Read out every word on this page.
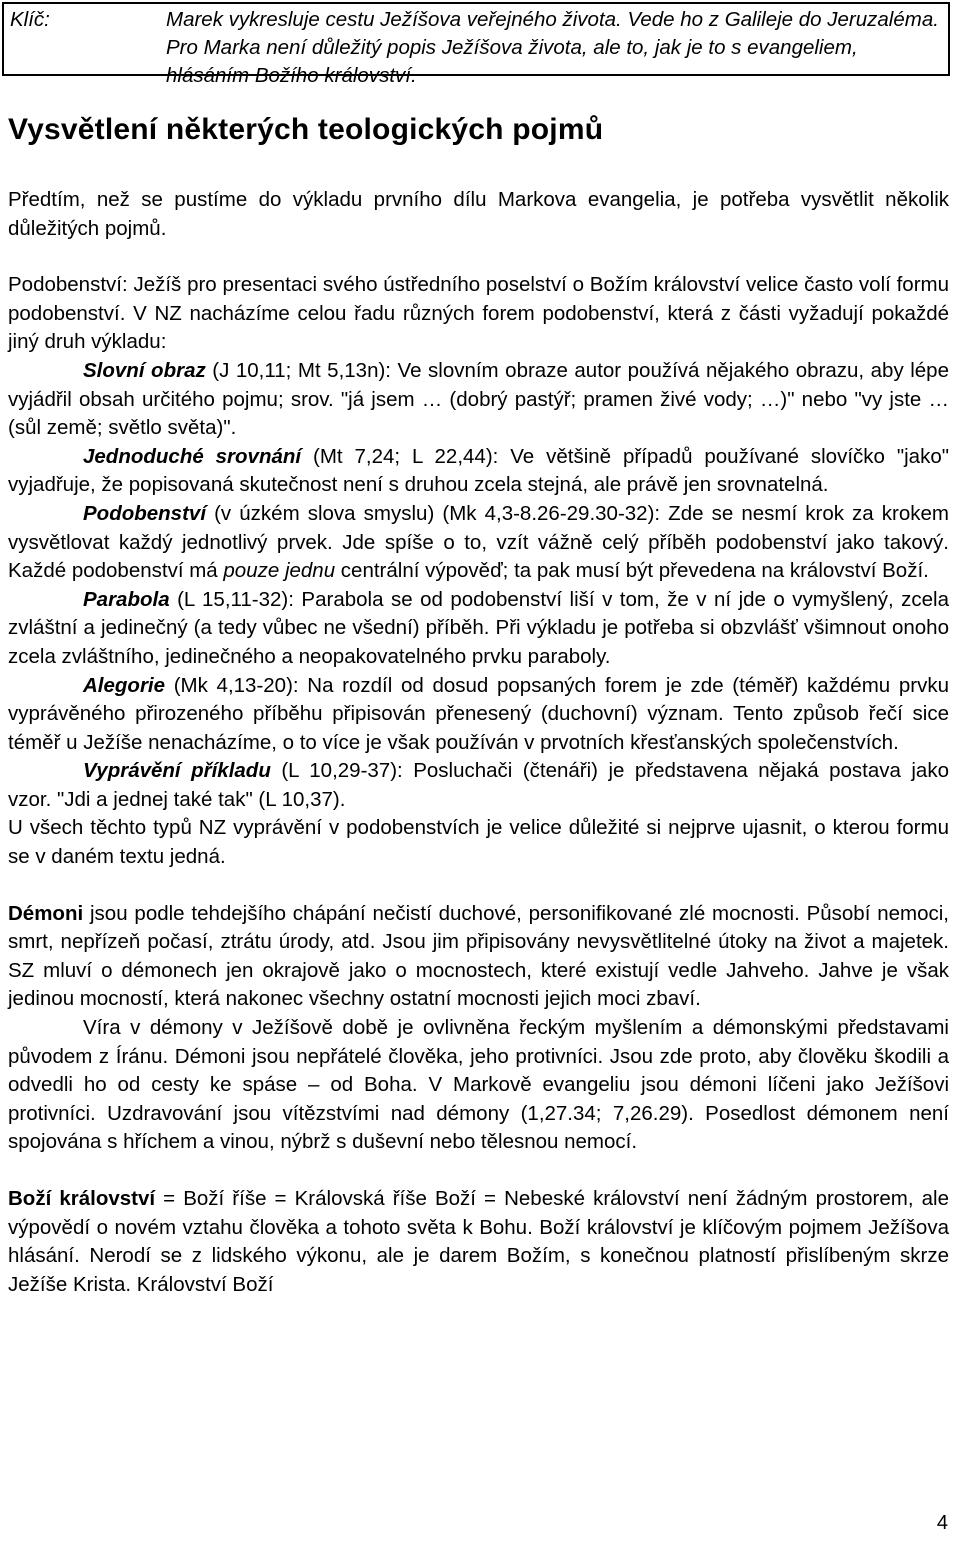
Klíč:	Marek vykresluje cestu Ježíšova veřejného života. Vede ho z Galileje do Jeruzaléma. Pro Marka není důležitý popis Ježíšova života, ale to, jak je to s evangeliem, hlásáním Božího království.
Vysvětlení některých teologických pojmů

Předtím, než se pustíme do výkladu prvního dílu Markova evangelia, je potřeba vysvětlit několik důležitých pojmů.

Podobenství: Ježíš pro presentaci svého ústředního poselství o Božím království velice často volí formu podobenství. V NZ nacházíme celou řadu různých forem podobenství, která z části vyžadují pokaždé jiný druh výkladu:

Slovní obraz (J 10,11; Mt 5,13n): Ve slovním obraze autor používá nějakého obrazu, aby lépe vyjádřil obsah určitého pojmu; srov. "já jsem … (dobrý pastýř; pramen živé vody; …)" nebo "vy jste … (sůl země; světlo světa)".

Jednoduché srovnání (Mt 7,24; L 22,44): Ve většině případů používané slovíčko "jako" vyjadřuje, že popisovaná skutečnost není s druhou zcela stejná, ale právě jen srovnatelná.

Podobenství (v úzkém slova smyslu) (Mk 4,3-8.26-29.30-32): Zde se nesmí krok za krokem vysvětlovat každý jednotlivý prvek. Jde spíše o to, vzít vážně celý příběh podobenství jako takový. Každé podobenství má pouze jednu centrální výpověď; ta pak musí být převedena na království Boží.

Parabola (L 15,11-32): Parabola se od podobenství liší v tom, že v ní jde o vymyšlený, zcela zvláštní a jedinečný (a tedy vůbec ne všední) příběh. Při výkladu je potřeba si obzvlášť všimnout onoho zcela zvláštního, jedinečného a neopakovatelného prvku paraboly.

Alegorie (Mk 4,13-20): Na rozdíl od dosud popsaných forem je zde (téměř) každému prvku vyprávěného přirozeného příběhu připisován přenesený (duchovní) význam. Tento způsob řečí sice téměř u Ježíše nenacházíme, o to více je však používán v prvotních křesťanských společenstvích.

Vyprávění příkladu (L 10,29-37): Posluchači (čtenáři) je představena nějaká postava jako vzor. "Jdi a jednej také tak" (L 10,37).

U všech těchto typů NZ vyprávění v podobenstvích je velice důležité si nejprve ujasnit, o kterou formu se v daném textu jedná.

Démoni jsou podle tehdejšího chápání nečistí duchové, personifikované zlé mocnosti. Působí nemoci, smrt, nepřízeň počasí, ztrátu úrody, atd. Jsou jim připisovány nevysvětlitelné útoky na život a majetek. SZ mluví o démonech jen okrajově jako o mocnostech, které existují vedle Jahveho. Jahve je však jedinou mocností, která nakonec všechny ostatní mocnosti jejich moci zbaví.

Víra v démony v Ježíšově době je ovlivněna řeckým myšlením a démonskými představami původem z Íránu. Démoni jsou nepřátelé člověka, jeho protivníci. Jsou zde proto, aby člověku škodili a odvedli ho od cesty ke spáse – od Boha. V Markově evangeliu jsou démoni líčeni jako Ježíšovi protivníci. Uzdravování jsou vítězstvími nad démony (1,27.34; 7,26.29). Posedlost démonem není spojována s hříchem a vinou, nýbrž s duševní nebo tělesnou nemocí.

Boží království = Boží říše = Královská říše Boží = Nebeské království není žádným prostorem, ale výpovědí o novém vztahu člověka a tohoto světa k Bohu. Boží království je klíčovým pojmem Ježíšova hlásání. Nerodí se z lidského výkonu, ale je darem Božím, s konečnou platností přislíbeným skrze Ježíše Krista. Království Boží

4
